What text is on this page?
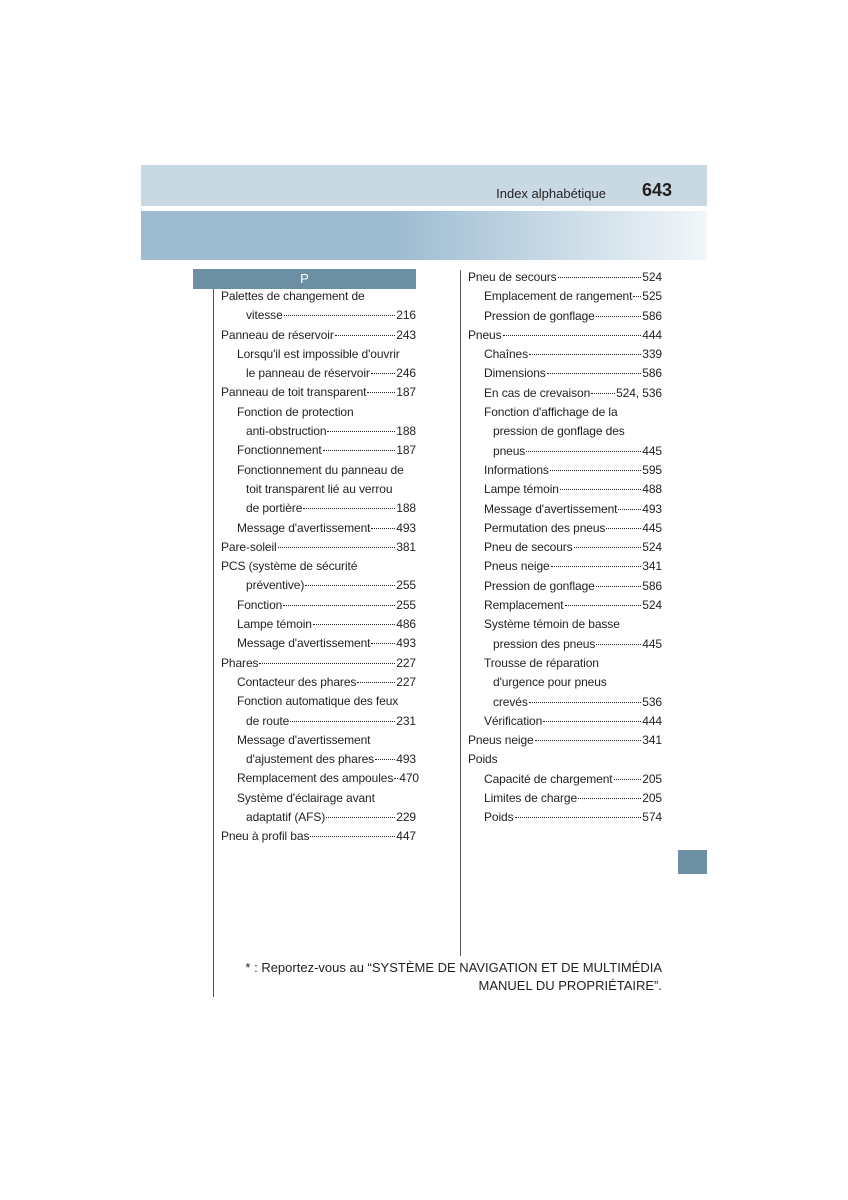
Index alphabétique	643
P
Palettes de changement de
vitesse	216
Panneau de réservoir	243
Lorsqu'il est impossible d'ouvrir
le panneau de réservoir 246
Panneau de toit transparent 187
Fonction de protection
anti-obstruction	188
Fonctionnement	187
Fonctionnement du panneau de
toit transparent lié au verrou
de portière	188
Message d'avertissement 493
Pare-soleil	381
PCS (système de sécurité
préventive)	255
Fonction	255
Lampe témoin	486
Message d'avertissement 493
Phares	227
Contacteur des phares	227
Fonction automatique des feux
de route	231
Message d'avertissement
d'ajustement des phares 493
Remplacement des ampoules 470
Système d'éclairage avant
adaptatif (AFS)	229
Pneu à profil bas	447
Pneu de secours	524
Emplacement de rangement 525
Pression de gonflage	586
Pneus	444
Chaînes	339
Dimensions	586
En cas de crevaison 524, 536
Fonction d'affichage de la
pression de gonflage des
pneus	445
Informations	595
Lampe témoin	488
Message d'avertissement 493
Permutation des pneus	445
Pneu de secours	524
Pneus neige	341
Pression de gonflage	586
Remplacement	524
Système témoin de basse
pression des pneus	445
Trousse de réparation
d'urgence pour pneus
crevés	536
Vérification	444
Pneus neige	341
Poids
Capacité de chargement 205
Limites de charge	205
Poids	574
* : Reportez-vous au “SYSTÈME DE NAVIGATION ET DE MULTIMÉDIA
MANUEL DU PROPRIÉTAIRE”.
